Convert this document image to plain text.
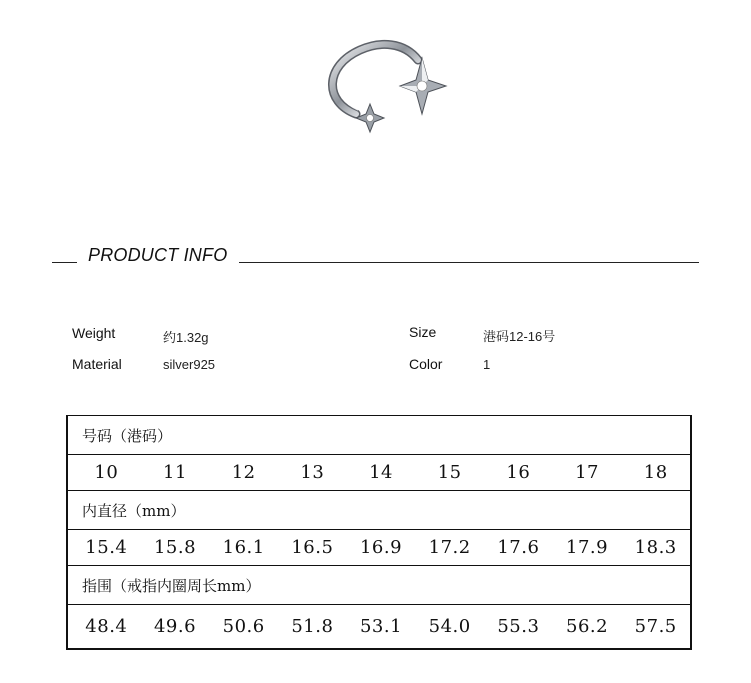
PRODUCT INFO
Weight	约1.32g
Material	silver925
Size	港码12-16号
Color	1
号码（港码）

10	11	12	13	14	15	16	17	18

内直径（mm）

15.4	15.8	16.1	16.5	16.9	17.2	17.6	17.9	18.3

指围（戒指内圈周长mm）

48.4	49.6	50.6	51.8	53.1	54.0	55.3	56.2	57.5
